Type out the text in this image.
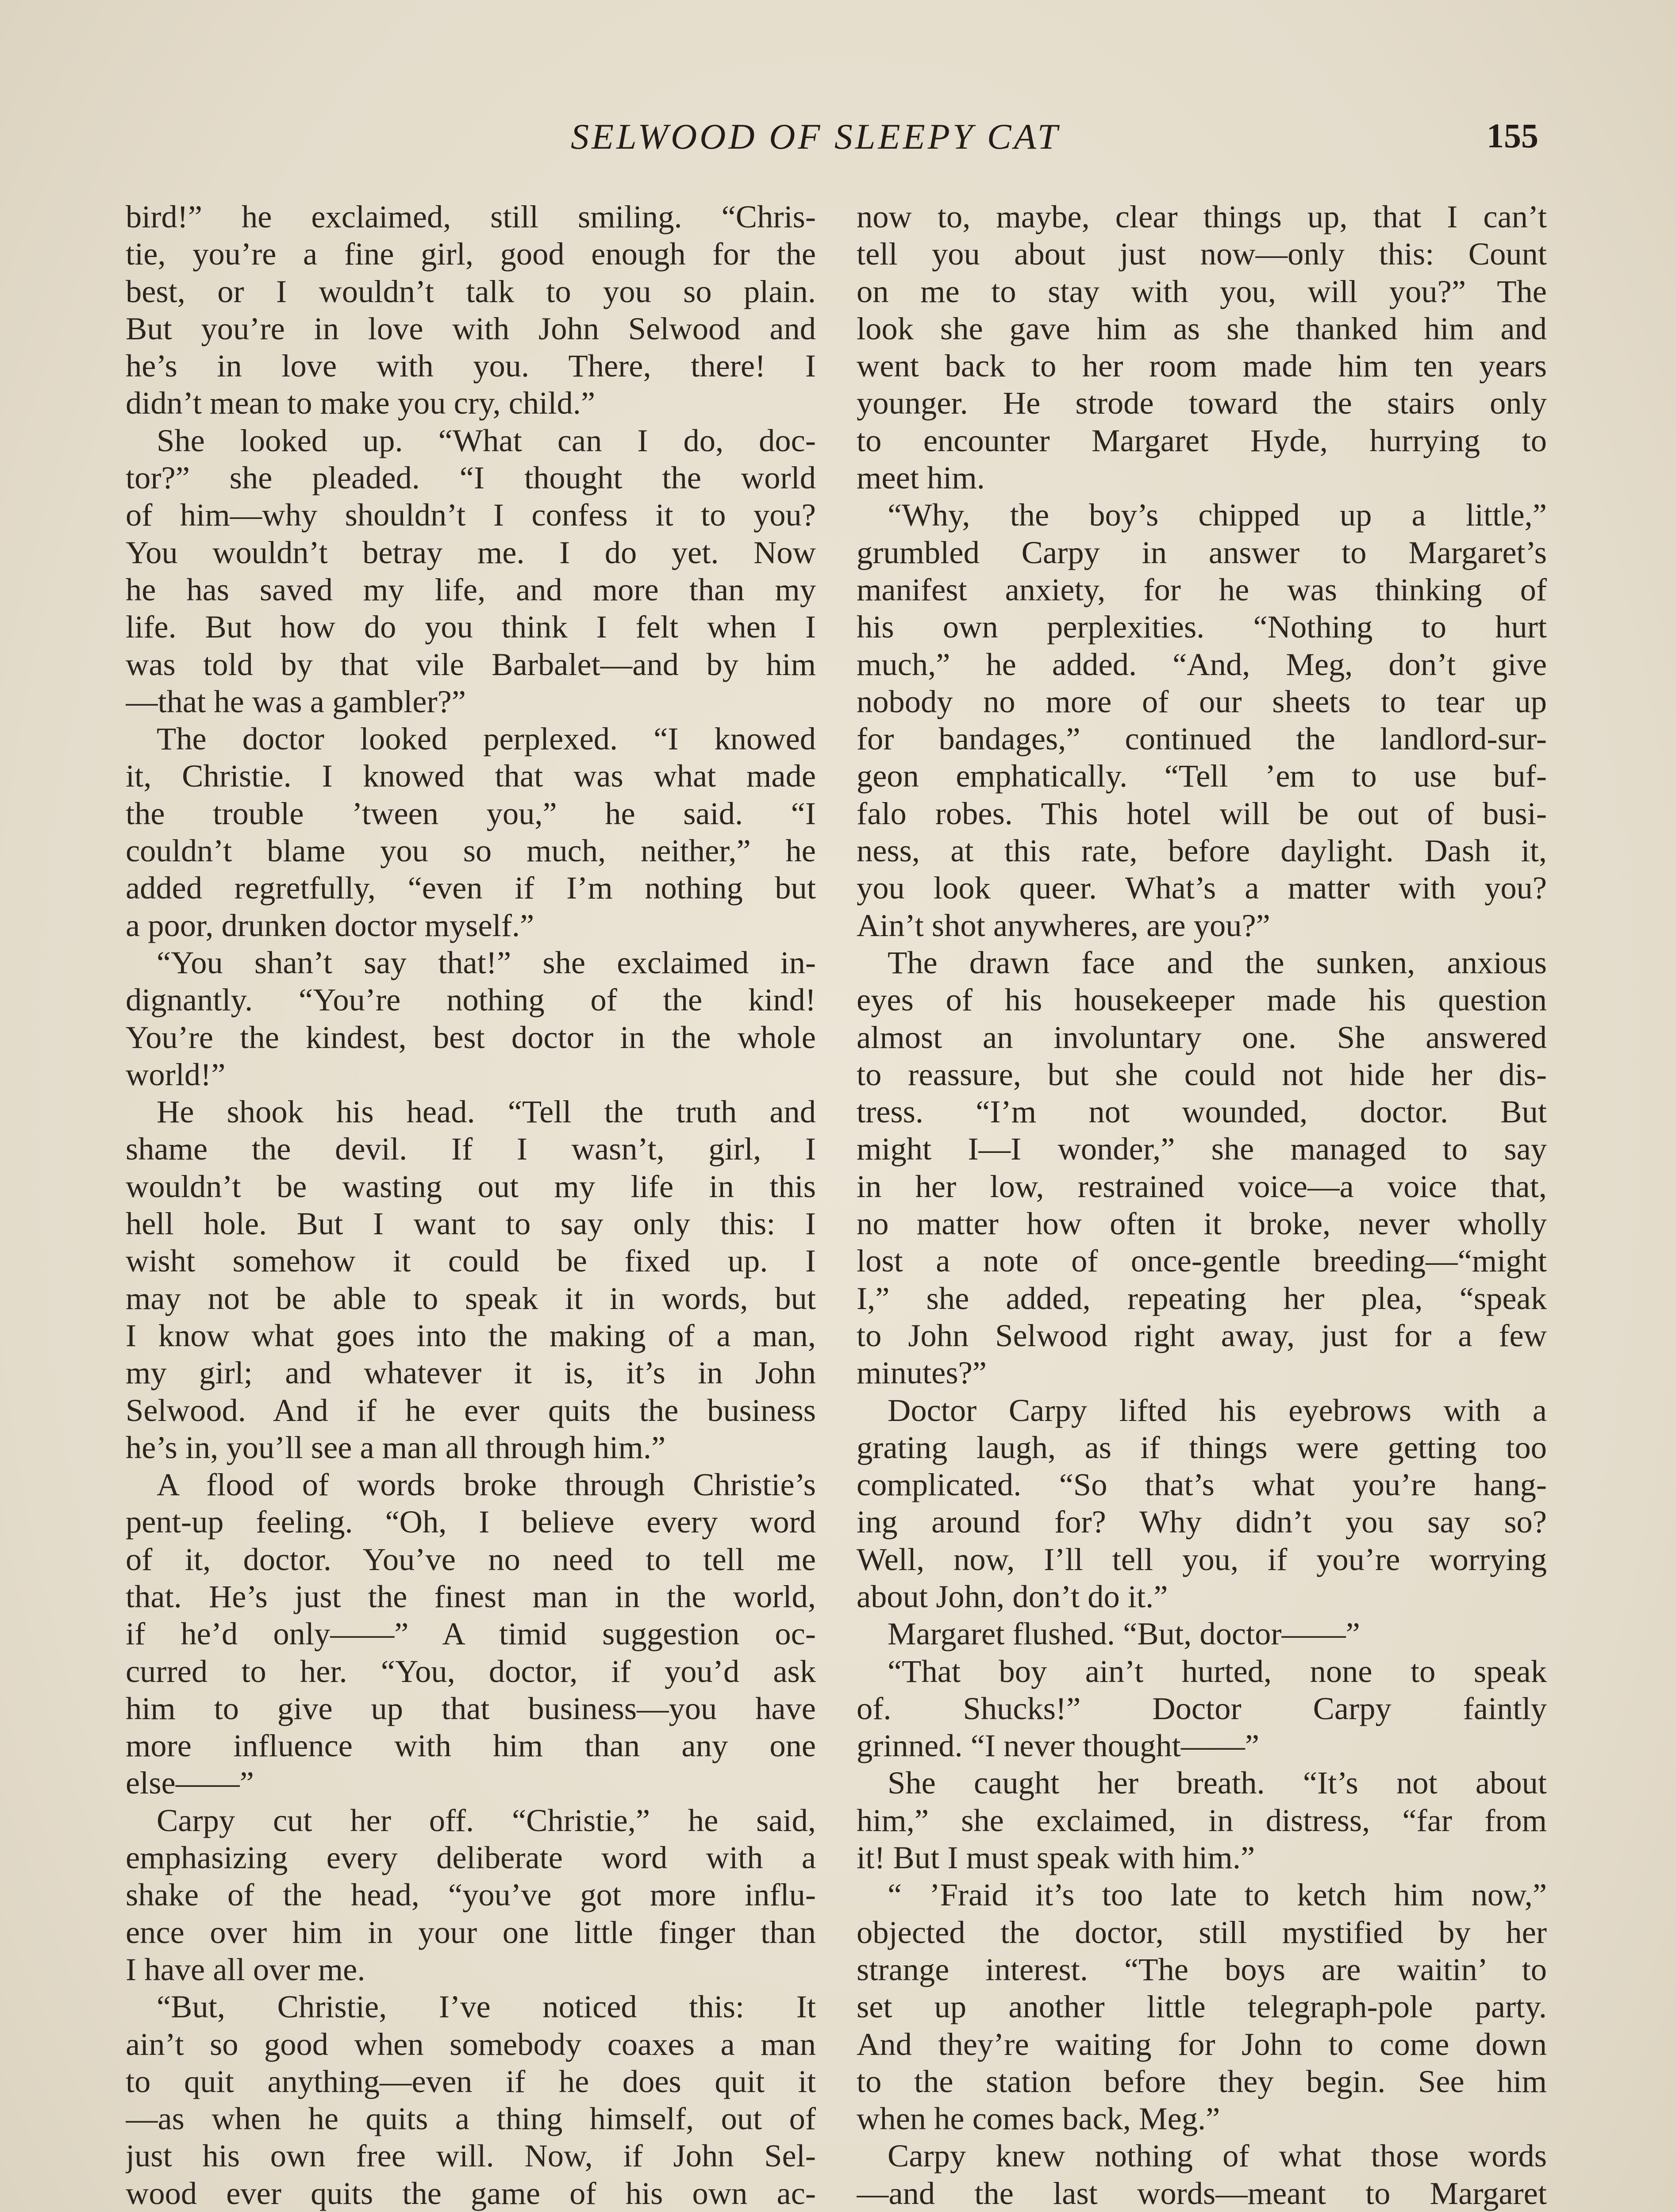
SELWOOD OF SLEEPY CAT	155
bird!” he exclaimed, still smiling. “Chris-
tie, you’re a fine girl, good enough for the
best, or I wouldn’t talk to you so plain.
But you’re in love with John Selwood and
he’s in love with you. There, there! I
didn’t mean to make you cry, child.”
She looked up. “What can I do, doc-
tor?” she pleaded. “I thought the world
of him—why shouldn’t I confess it to you?
You wouldn’t betray me. I do yet. Now
he has saved my life, and more than my
life. But how do you think I felt when I
was told by that vile Barbalet—and by him
—that he was a gambler?”
The doctor looked perplexed. “I knowed
it, Christie. I knowed that was what made
the trouble ’tween you,” he said. “I
couldn’t blame you so much, neither,” he
added regretfully, “even if I’m nothing but
a poor, drunken doctor myself.”
“You shan’t say that!” she exclaimed in-
dignantly. “You’re nothing of the kind!
You’re the kindest, best doctor in the whole
world!”
He shook his head. “Tell the truth and
shame the devil. If I wasn’t, girl, I
wouldn’t be wasting out my life in this
hell hole. But I want to say only this: I
wisht somehow it could be fixed up. I
may not be able to speak it in words, but
I know what goes into the making of a man,
my girl; and whatever it is, it’s in John
Selwood. And if he ever quits the business
he’s in, you’ll see a man all through him.”
A flood of words broke through Christie’s
pent-up feeling. “Oh, I believe every word
of it, doctor. You’ve no need to tell me
that. He’s just the finest man in the world,
if he’d only——” A timid suggestion oc-
curred to her. “You, doctor, if you’d ask
him to give up that business—you have
more influence with him than any one
else——”
Carpy cut her off. “Christie,” he said,
emphasizing every deliberate word with a
shake of the head, “you’ve got more influ-
ence over him in your one little finger than
I have all over me.
“But, Christie, I’ve noticed this: It
ain’t so good when somebody coaxes a man
to quit anything—even if he does quit it
—as when he quits a thing himself, out of
just his own free will. Now, if John Sel-
wood ever quits the game of his own ac-
now to, maybe, clear things up, that I can’t
tell you about just now—only this: Count
on me to stay with you, will you?” The
look she gave him as she thanked him and
went back to her room made him ten years
younger. He strode toward the stairs only
to encounter Margaret Hyde, hurrying to
meet him.
“Why, the boy’s chipped up a little,”
grumbled Carpy in answer to Margaret’s
manifest anxiety, for he was thinking of
his own perplexities. “Nothing to hurt
much,” he added. “And, Meg, don’t give
nobody no more of our sheets to tear up
for bandages,” continued the landlord-sur-
geon emphatically. “Tell ’em to use buf-
falo robes. This hotel will be out of busi-
ness, at this rate, before daylight. Dash it,
you look queer. What’s a matter with you?
Ain’t shot anywheres, are you?”
The drawn face and the sunken, anxious
eyes of his housekeeper made his question
almost an involuntary one. She answered
to reassure, but she could not hide her dis-
tress. “I’m not wounded, doctor. But
might I—I wonder,” she managed to say
in her low, restrained voice—a voice that,
no matter how often it broke, never wholly
lost a note of once-gentle breeding—“might
I,” she added, repeating her plea, “speak
to John Selwood right away, just for a few
minutes?”
Doctor Carpy lifted his eyebrows with a
grating laugh, as if things were getting too
complicated. “So that’s what you’re hang-
ing around for? Why didn’t you say so?
Well, now, I’ll tell you, if you’re worrying
about John, don’t do it.”
Margaret flushed. “But, doctor——”
“That boy ain’t hurted, none to speak
of. Shucks!” Doctor Carpy faintly
grinned. “I never thought——”
She caught her breath. “It’s not about
him,” she exclaimed, in distress, “far from
it! But I must speak with him.”
“ ’Fraid it’s too late to ketch him now,”
objected the doctor, still mystified by her
strange interest. “The boys are waitin’ to
set up another little telegraph-pole party.
And they’re waiting for John to come down
to the station before they begin. See him
when he comes back, Meg.”
Carpy knew nothing of what those words
—and the last words—meant to Margaret
